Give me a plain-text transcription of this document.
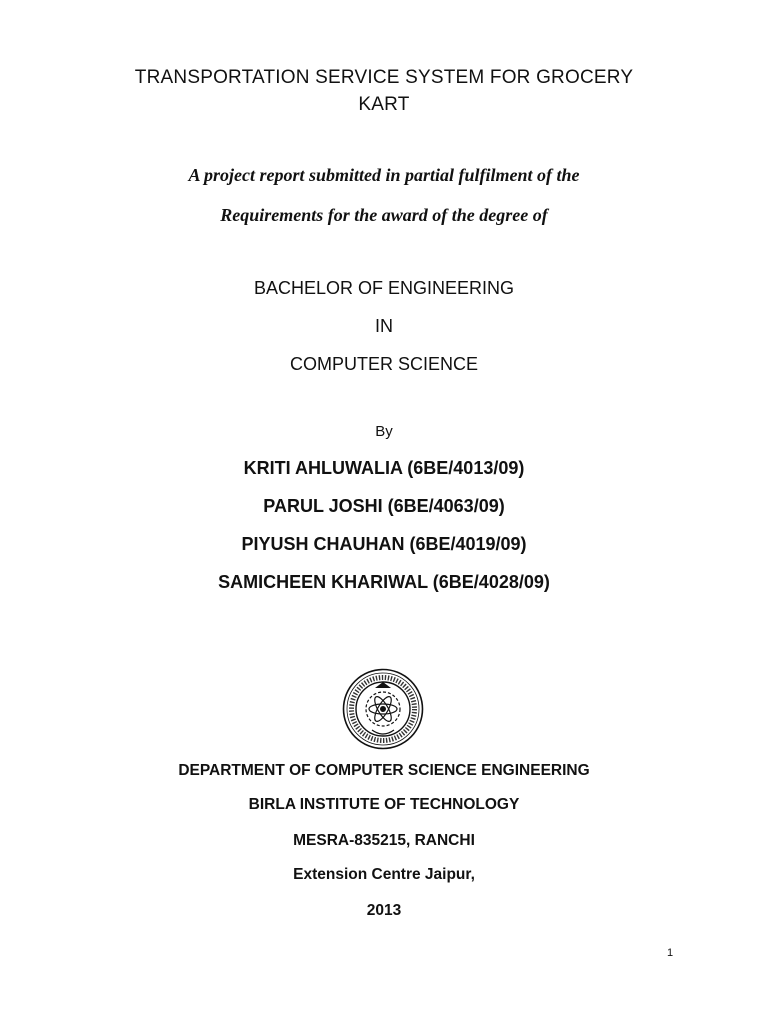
TRANSPORTATION SERVICE SYSTEM FOR GROCERY
KART
A project report submitted in partial fulfilment of the
Requirements for the award of the degree of
BACHELOR OF ENGINEERING
IN
COMPUTER SCIENCE
By
KRITI AHLUWALIA (6BE/4013/09)
PARUL JOSHI (6BE/4063/09)
PIYUSH CHAUHAN (6BE/4019/09)
SAMICHEEN KHARIWAL (6BE/4028/09)
DEPARTMENT OF COMPUTER SCIENCE ENGINEERING
BIRLA INSTITUTE OF TECHNOLOGY
MESRA-835215, RANCHI
Extension Centre Jaipur,
2013
1
